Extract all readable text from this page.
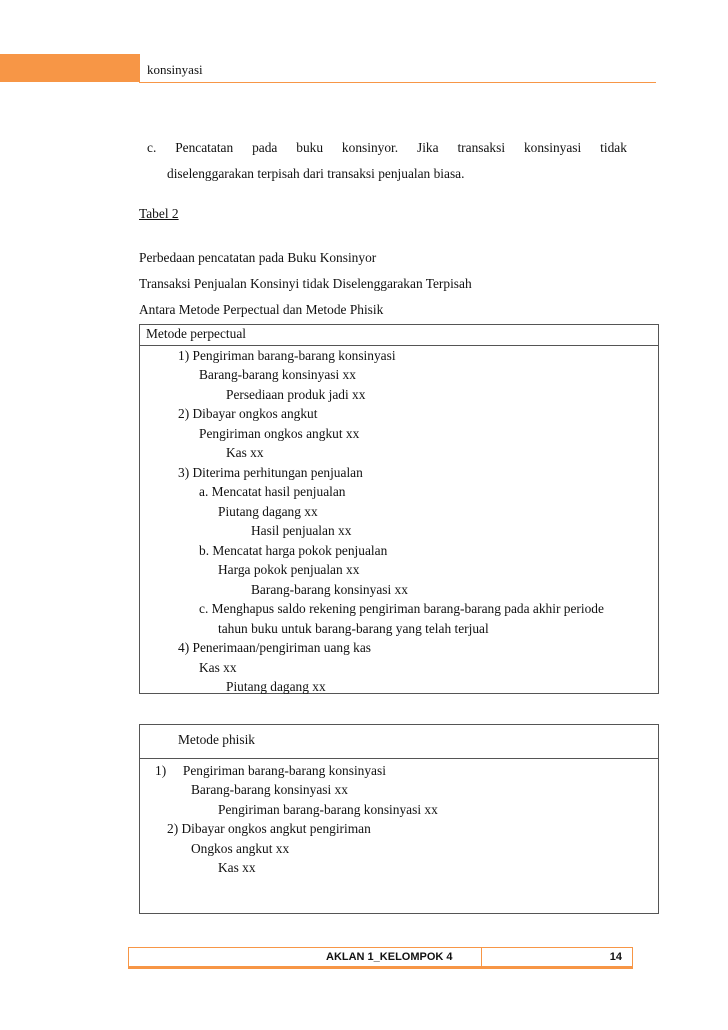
konsinyasi
c. Pencatatan pada buku konsinyor. Jika transaksi konsinyasi tidak
diselenggarakan terpisah dari transaksi penjualan biasa.
Tabel 2
Perbedaan pencatatan pada Buku Konsinyor
Transaksi Penjualan Konsinyi tidak Diselenggarakan Terpisah
Antara Metode Perpectual dan Metode Phisik
Metode perpectual
1) Pengiriman barang-barang konsinyasi
Barang-barang konsinyasi xx
Persediaan produk jadi xx
2) Dibayar ongkos angkut
Pengiriman ongkos angkut xx
Kas xx
3) Diterima perhitungan penjualan
a. Mencatat hasil penjualan
Piutang dagang xx
Hasil penjualan xx
b. Mencatat harga pokok penjualan
Harga pokok penjualan xx
Barang-barang konsinyasi xx
c. Menghapus saldo rekening pengiriman barang-barang pada akhir periode
tahun buku untuk barang-barang yang telah terjual
4) Penerimaan/pengiriman uang kas
Kas xx
Piutang dagang xx
Metode phisik
1)     Pengiriman barang-barang konsinyasi
Barang-barang konsinyasi xx
Pengiriman barang-barang konsinyasi xx
2) Dibayar ongkos angkut pengiriman
Ongkos angkut xx
Kas xx
AKLAN 1_KELOMPOK 4	14
